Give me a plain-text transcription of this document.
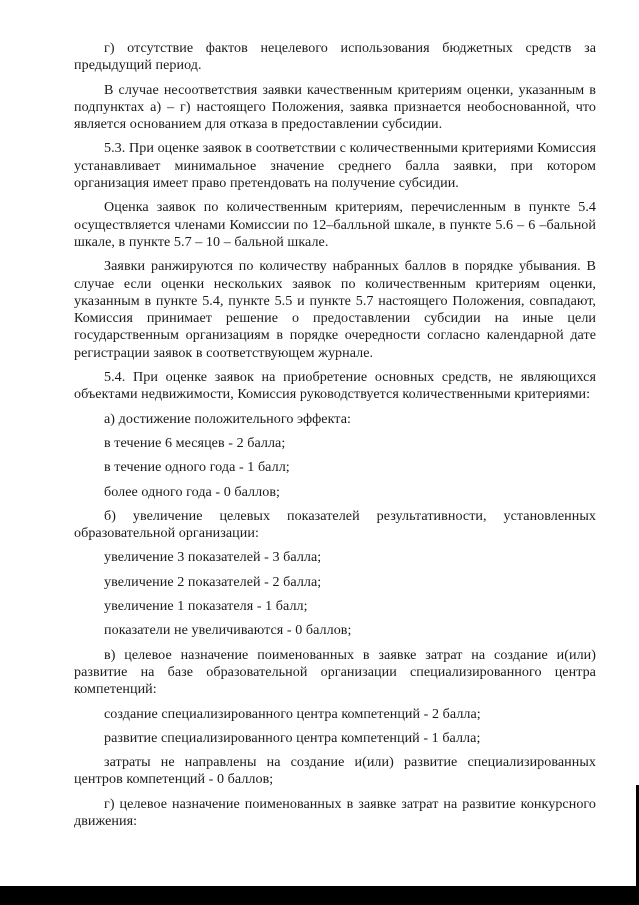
г) отсутствие фактов нецелевого использования бюджетных средств за предыдущий период.

В случае несоответствия заявки качественным критериям оценки, указанным в подпунктах а) – г) настоящего Положения, заявка признается необоснованной, что является основанием для отказа в предоставлении субсидии.

5.3. При оценке заявок в соответствии с количественными критериями Комиссия устанавливает минимальное значение среднего балла заявки, при котором организация имеет право претендовать на получение субсидии.

Оценка заявок по количественным критериям, перечисленным в пункте 5.4 осуществляется членами Комиссии по 12–балльной шкале, в пункте 5.6 – 6 –бальной шкале, в пункте 5.7 – 10 – бальной шкале.

Заявки ранжируются по количеству набранных баллов в порядке убывания. В случае если оценки нескольких заявок по количественным критериям оценки, указанным в пункте 5.4, пункте 5.5 и пункте 5.7 настоящего Положения, совпадают, Комиссия принимает решение о предоставлении субсидии на иные цели государственным организациям в порядке очередности согласно календарной дате регистрации заявок в соответствующем журнале.

5.4. При оценке заявок на приобретение основных средств, не являющихся объектами недвижимости, Комиссия руководствуется количественными критериями:

а) достижение положительного эффекта:

в течение 6 месяцев - 2 балла;

в течение одного года - 1 балл;

более одного года - 0 баллов;

б) увеличение целевых показателей результативности, установленных образовательной организации:

увеличение 3 показателей - 3 балла;

увеличение 2 показателей - 2 балла;

увеличение 1 показателя - 1 балл;

показатели не увеличиваются - 0 баллов;

в) целевое назначение поименованных в заявке затрат на создание и(или) развитие на базе образовательной организации специализированного центра компетенций:

создание специализированного центра компетенций - 2 балла;

развитие специализированного центра компетенций - 1 балла;

затраты не направлены на создание и(или) развитие специализированных центров компетенций - 0 баллов;

г) целевое назначение поименованных в заявке затрат на развитие конкурсного движения:
